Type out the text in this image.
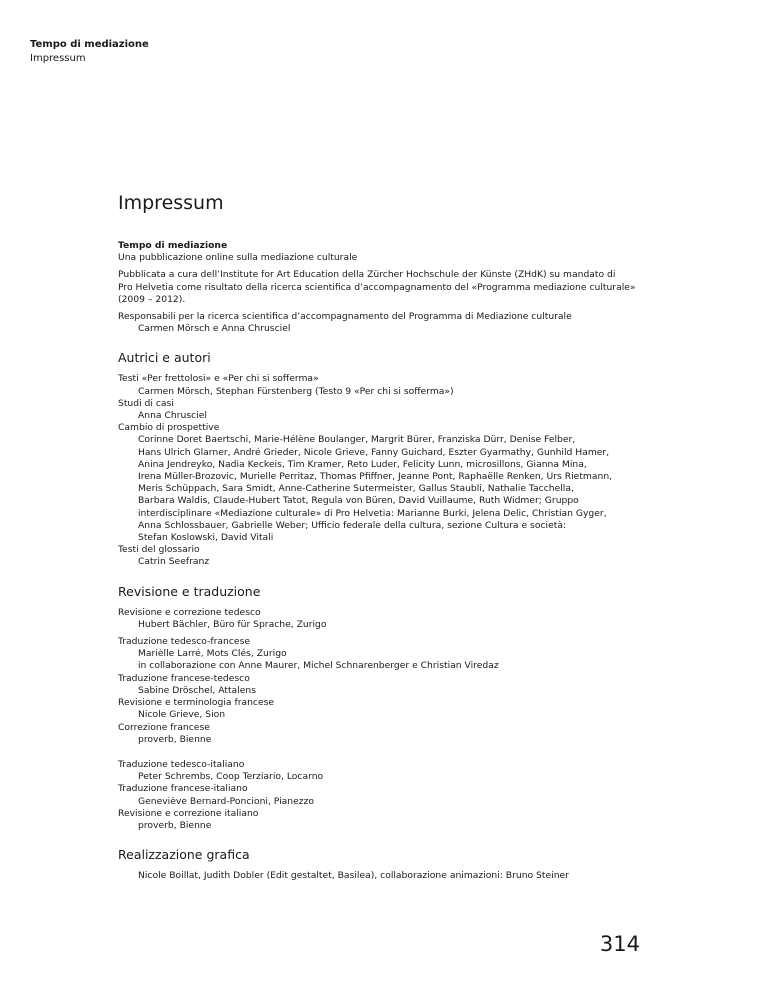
Tempo di mediazione
Impressum
Impressum
Tempo di mediazione
Una pubblicazione online sulla mediazione culturale
Pubblicata a cura dell’Institute for Art Education della Zürcher Hochschule der Künste (ZHdK) su mandato di
Pro Helvetia come risultato della ricerca scientifica d’accompagnamento del «Programma mediazione culturale»
(2009 – 2012).
Responsabili per la ricerca scientifica d’accompagnamento del Programma di Mediazione culturale
Carmen Mörsch e Anna Chrusciel
Autrici e autori
Testi «Per frettolosi» e «Per chi si sofferma»
Carmen Mörsch, Stephan Fürstenberg (Testo 9 «Per chi si sofferma»)
Studi di casi
Anna Chrusciel
Cambio di prospettive
Corinne Doret Baertschi, Marie-Hélène Boulanger, Margrit Bürer, Franziska Dürr, Denise Felber,
Hans Ulrich Glarner, André Grieder, Nicole Grieve, Fanny Guichard, Eszter Gyarmathy, Gunhild Hamer,
Anina Jendreyko, Nadia Keckeis, Tim Kramer, Reto Luder, Felicity Lunn, microsillons, Gianna Mina,
Irena Müller-Brozovic, Murielle Perritaz, Thomas Pfiffner, Jeanne Pont, Raphaëlle Renken, Urs Rietmann,
Meris Schüppach, Sara Smidt, Anne-Catherine Sutermeister, Gallus Staubli, Nathalie Tacchella,
Barbara Waldis, Claude-Hubert Tatot, Regula von Büren, David Vuillaume, Ruth Widmer; Gruppo
interdisciplinare «Mediazione culturale» di Pro Helvetia: Marianne Burki, Jelena Delic, Christian Gyger,
Anna Schlossbauer, Gabrielle Weber; Ufficio federale della cultura, sezione Cultura e società:
Stefan Koslowski, David Vitali
Testi del glossario
Catrin Seefranz
Revisione e traduzione
Revisione e correzione tedesco
Hubert Bächler, Büro für Sprache, Zurigo
Traduzione tedesco-francese
Marièlle Larré, Mots Clés, Zurigo
in collaborazione con Anne Maurer, Michel Schnarenberger e Christian Viredaz
Traduzione francese-tedesco
Sabine Dröschel, Attalens
Revisione e terminologia francese
Nicole Grieve, Sion
Correzione francese
proverb, Bienne
Traduzione tedesco-italiano
Peter Schrembs, Coop Terziario, Locarno
Traduzione francese-italiano
Geneviève Bernard-Poncioni, Pianezzo
Revisione e correzione italiano
proverb, Bienne
Realizzazione grafica
Nicole Boillat, Judith Dobler (Edit gestaltet, Basilea), collaborazione animazioni: Bruno Steiner
314
